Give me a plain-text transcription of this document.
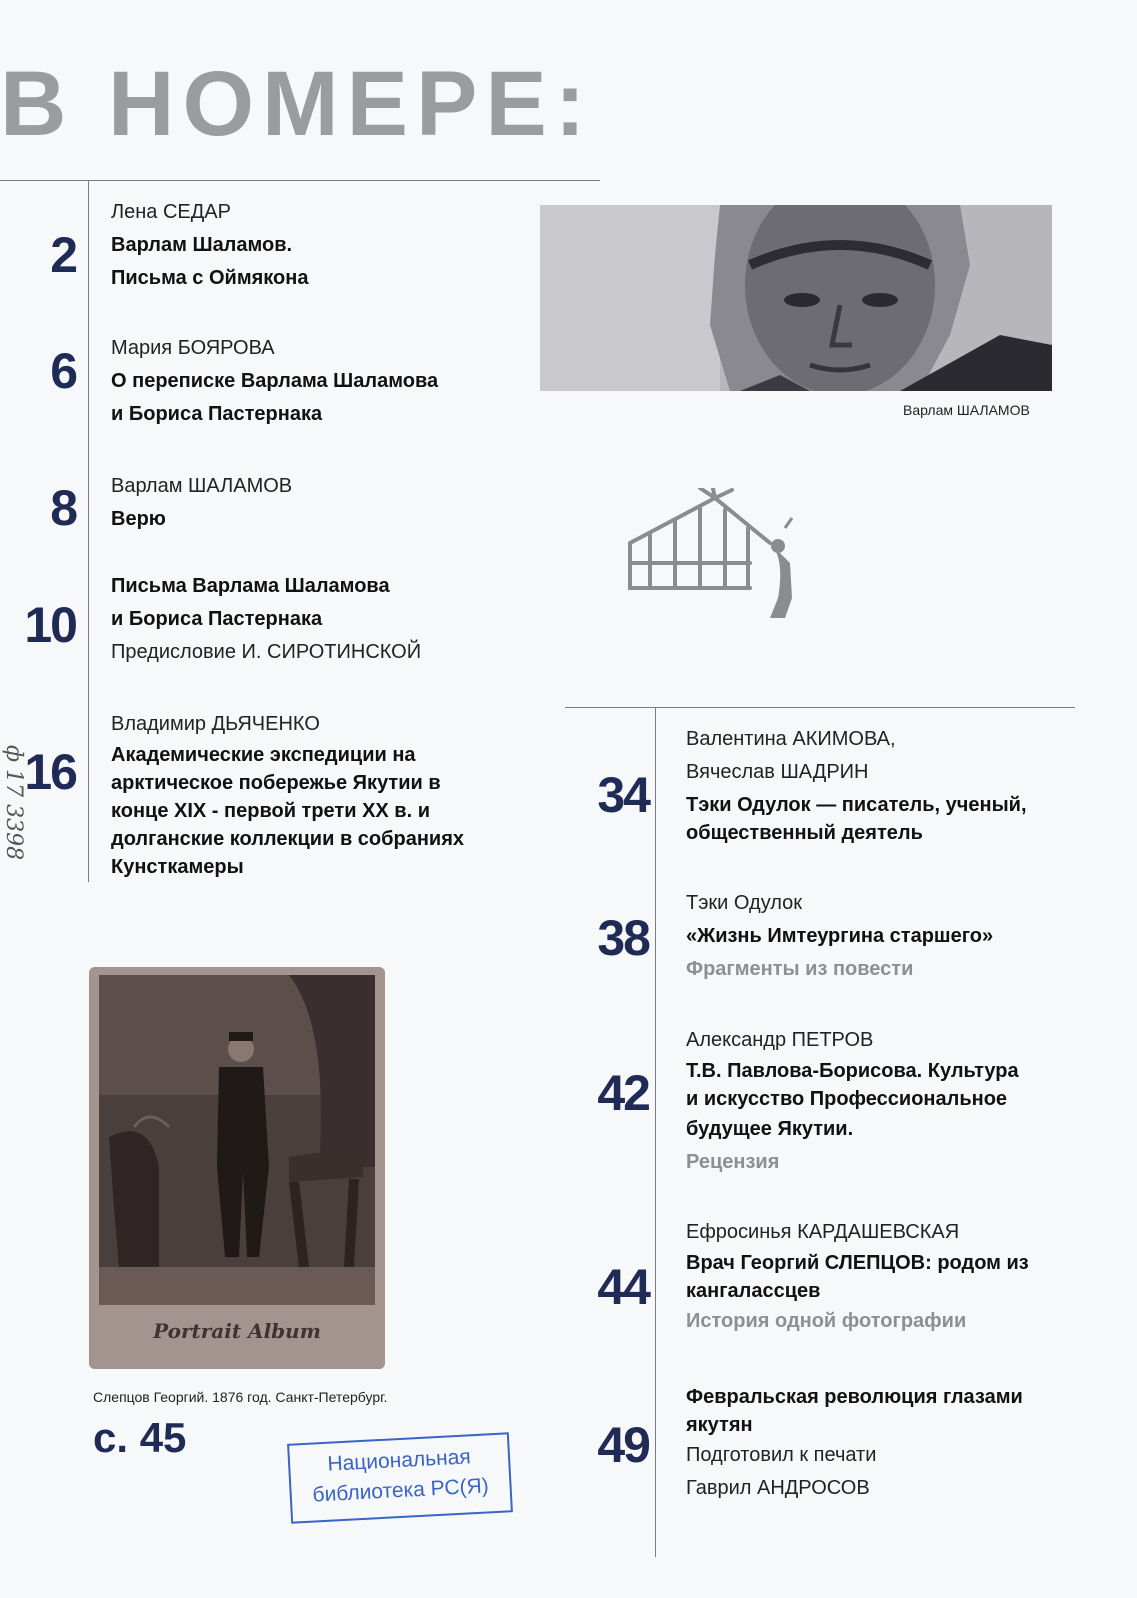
В НОМЕРЕ:
ф 17 3398
2
Лена СЕДАР
Варлам Шаламов.
Письма с Оймякона
6 Мария БОЯРОВА
О переписке Варлама Шаламова
и Бориса Пастернака
8 Варлам ШАЛАМОВ
Верю
10
Письма Варлама Шаламова
и Бориса Пастернака
Предисловие И. СИРОТИНСКОЙ
16
Владимир ДЬЯЧЕНКО
Академические экспедиции на
арктическое побережье Якутии в
конце XIX - первой трети XX в. и
долганские коллекции в собраниях
Кунсткамеры
Варлам ШАЛАМОВ
34
Валентина АКИМОВА,
Вячеслав ШАДРИН
Тэки Одулок — писатель, ученый,
общественный деятель
38
Тэки Одулок
«Жизнь Имтеургина старшего»
Фрагменты из повести
42
Александр ПЕТРОВ
Т.В. Павлова-Борисова. Культура
и искусство Профессиональное
будущее Якутии.
Рецензия
44
Ефросинья КАРДАШЕВСКАЯ
Врач Георгий СЛЕПЦОВ: родом из
кангалассцев
История одной фотографии
49
Февральская революция глазами
якутян
Подготовил к печати
Гаврил АНДРОСОВ
Portrait Album
Слепцов Георгий. 1876 год. Санкт-Петербург.
с. 45	Национальная
библиотека РС(Я)
